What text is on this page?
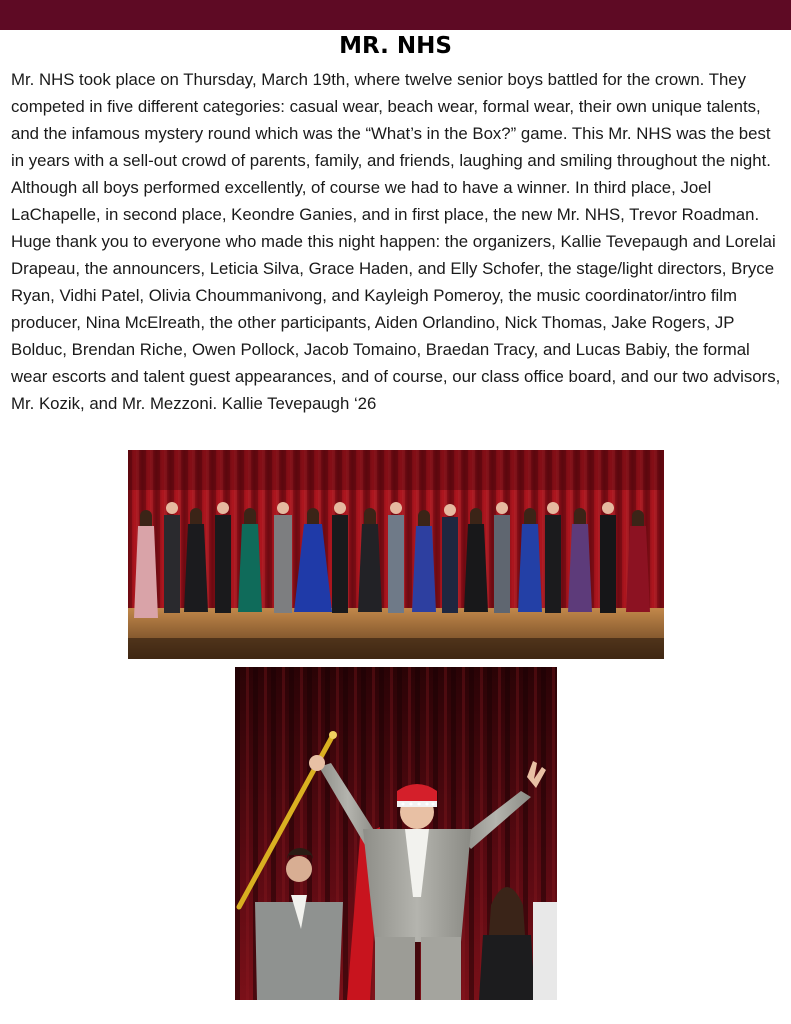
MR. NHS

Mr. NHS took place on Thursday, March 19th, where twelve senior boys battled for the crown. They competed in five different categories: casual wear, beach wear, formal wear, their own unique talents, and the infamous mystery round which was the “What’s in the Box?” game. This Mr. NHS was the best in years with a sell-out crowd of parents, family, and friends, laughing and smiling throughout the night. Although all boys performed excellently, of course we had to have a winner. In third place, Joel LaChapelle, in second place, Keondre Ganies, and in first place, the new Mr. NHS, Trevor Roadman. Huge thank you to everyone who made this night happen: the organizers, Kallie Tevepaugh and Lorelai Drapeau, the announcers, Leticia Silva, Grace Haden, and Elly Schofer, the stage/light directors, Bryce Ryan, Vidhi Patel, Olivia Choummanivong, and Kayleigh Pomeroy, the music coordinator/intro film producer, Nina McElreath, the other participants, Aiden Orlandino, Nick Thomas, Jake Rogers, JP Bolduc, Brendan Riche, Owen Pollock, Jacob Tomaino, Braedan Tracy, and Lucas Babiy, the formal wear escorts and talent guest appearances, and of course, our class office board, and our two advisors, Mr. Kozik, and Mr. Mezzoni. Kallie Tevepaugh ‘26
